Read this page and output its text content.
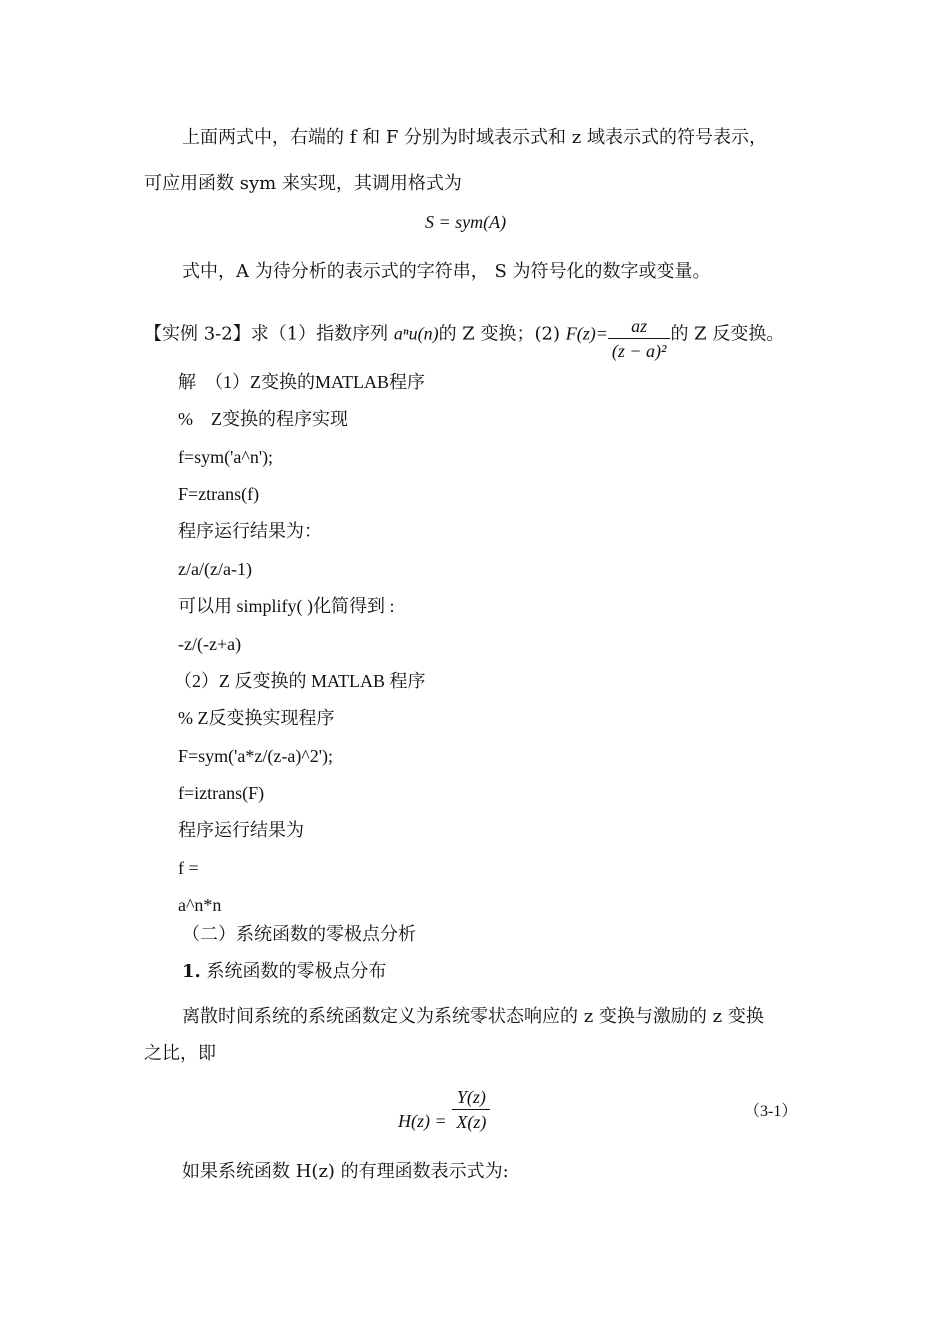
上面两式中，右端的 f 和 F 分别为时域表示式和 z 域表示式的符号表示，
可应用函数 sym 来实现，其调用格式为
S = sym(A)
式中，A 为待分析的表示式的字符串， S 为符号化的数字或变量。
【实例 3-2】求（1）指数序列 aⁿu(n)的 Z 变换；(2) $F(z)= \frac{az}{\text{(z − a)²}}$ 的 Z 反变换。
解　（1）Z变换的MATLAB程序
%　Z变换的程序实现
f=sym('a^n');
F=ztrans(f)
程序运行结果为：
z/a/(z/a-1)
可以用 simplify( )化简得到 :
-z/(-z+a)
（2）Z 反变换的 MATLAB 程序
% Z反变换实现程序
F=sym('a*z/(z-a)^2');
f=iztrans(F)
程序运行结果为
f =
a^n*n
（二）系统函数的零极点分析
1. 系统函数的零极点分布
离散时间系统的系统函数定义为系统零状态响应的 z 变换与激励的 z 变换
之比，即
$H(z) = \frac{Y(z)}{X(z)}$	（3-1）
如果系统函数 H(z) 的有理函数表示式为:
